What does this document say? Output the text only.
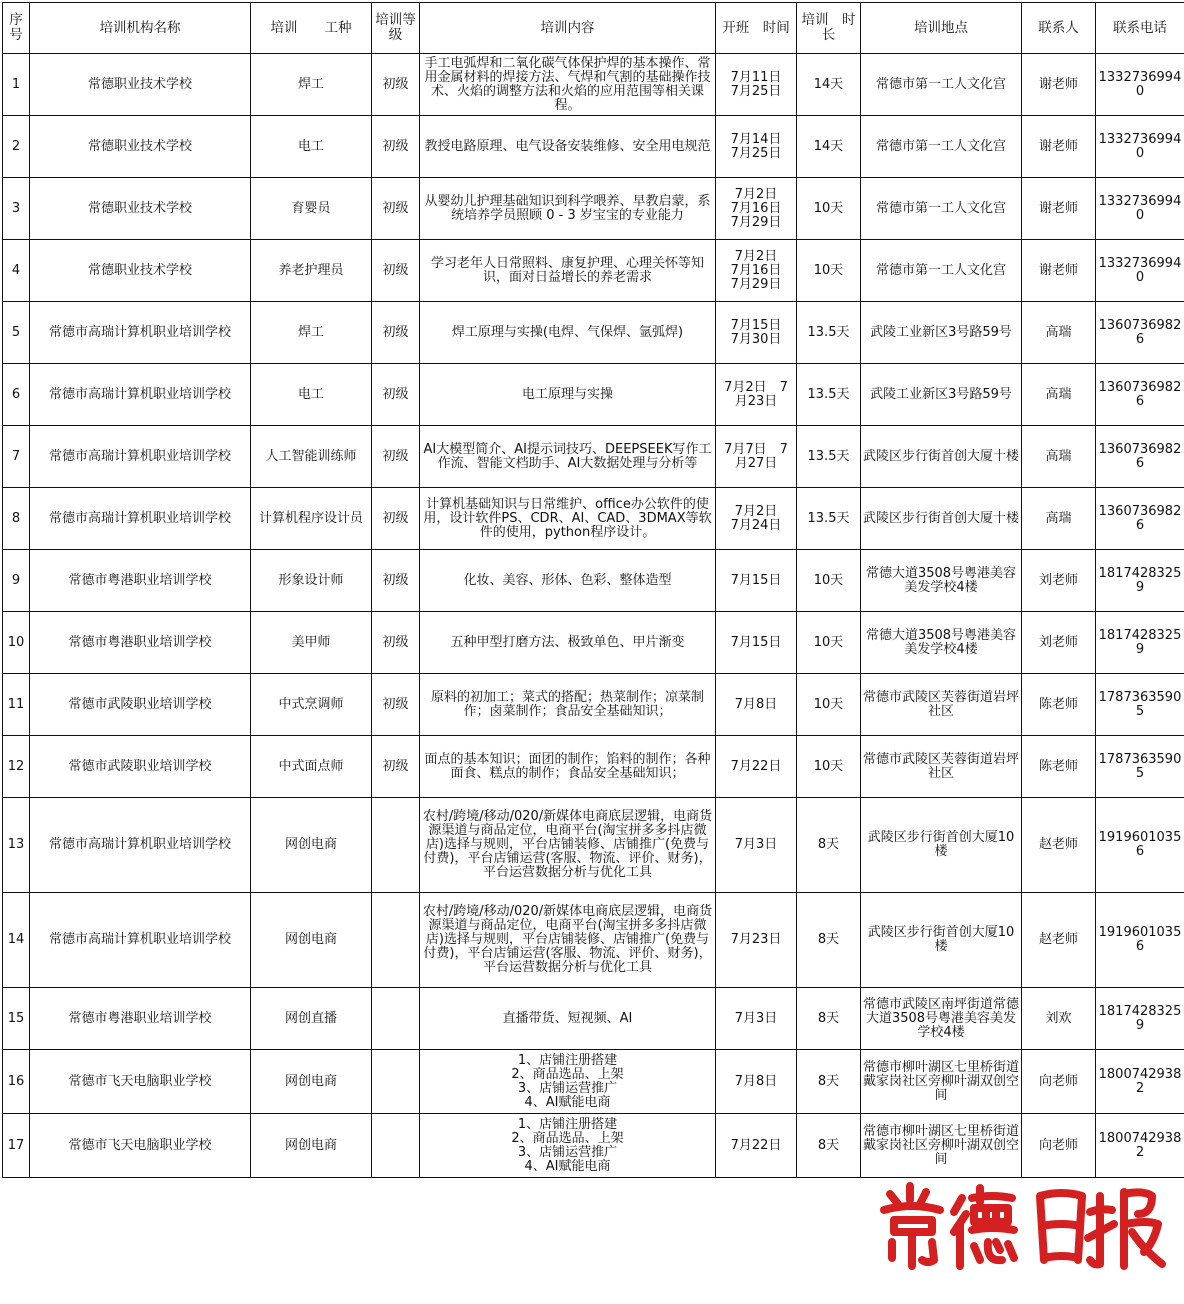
序号	培训机构名称	培训　　工种	培训等级	培训内容	开班　时间	培训　时长	培训地点	联系人	联系电话
1	常德职业技术学校	焊工	初级	手工电弧焊和二氧化碳气体保护焊的基本操作、常用金属材料的焊接方法、气焊和气割的基础操作技术、火焰的调整方法和火焰的应用范围等相关课程。	7月11日
7月25日	14天	常德市第一工人文化宫	谢老师	13327369940
2	常德职业技术学校	电工	初级	教授电路原理、电气设备安装维修、安全用电规范	7月14日
7月25日	14天	常德市第一工人文化宫	谢老师	13327369940
3	常德职业技术学校	育婴员	初级	从婴幼儿护理基础知识到科学喂养、早教启蒙，系统培养学员照顾 0 - 3 岁宝宝的专业能力	7月2日
7月16日
7月29日	10天	常德市第一工人文化宫	谢老师	13327369940
4	常德职业技术学校	养老护理员	初级	学习老年人日常照料、康复护理、心理关怀等知识，面对日益增长的养老需求	7月2日
7月16日
7月29日	10天	常德市第一工人文化宫	谢老师	13327369940
5	常德市高瑞计算机职业培训学校	焊工	初级	焊工原理与实操(电焊、气保焊、氩弧焊)	7月15日
7月30日	13.5天	武陵工业新区3号路59号	高瑞	13607369826
6	常德市高瑞计算机职业培训学校	电工	初级	电工原理与实操	7月2日　7月23日	13.5天	武陵工业新区3号路59号	高瑞	13607369826
7	常德市高瑞计算机职业培训学校	人工智能训练师	初级	AI大模型简介、AI提示词技巧、DEEPSEEK写作工作流、智能文档助手、AI大数据处理与分析等	7月7日　7月27日	13.5天	武陵区步行街首创大厦十楼	高瑞	13607369826
8	常德市高瑞计算机职业培训学校	计算机程序设计员	初级	计算机基础知识与日常维护、office办公软件的使用，设计软件PS、CDR、AI、CAD、3DMAX等软件的使用，python程序设计。	7月2日
7月24日	13.5天	武陵区步行街首创大厦十楼	高瑞	13607369826
9	常德市粤港职业培训学校	形象设计师	初级	化妆、美容、形体、色彩、整体造型	7月15日	10天	常德大道3508号粤港美容美发学校4楼	刘老师	18174283259
10	常德市粤港职业培训学校	美甲师	初级	五种甲型打磨方法、极致单色、甲片渐变	7月15日	10天	常德大道3508号粤港美容美发学校4楼	刘老师	18174283259
11	常德市武陵职业培训学校	中式烹调师	初级	原料的初加工；菜式的搭配；热菜制作；凉菜制作；卤菜制作；食品安全基础知识；	7月8日	10天	常德市武陵区芙蓉街道岩坪社区	陈老师	17873635905
12	常德市武陵职业培训学校	中式面点师	初级	面点的基本知识；面团的制作；馅料的制作；各种面食、糕点的制作；食品安全基础知识；	7月22日	10天	常德市武陵区芙蓉街道岩坪社区	陈老师	17873635905
13	常德市高瑞计算机职业培训学校	网创电商		农村/跨境/移动/020/新媒体电商底层逻辑，电商货源渠道与商品定位，电商平台(淘宝拼多多抖店微店)选择与规则，平台店铺装修、店铺推广(免费与付费)，平台店铺运营(客服、物流、评价、财务)，平台运营数据分析与优化工具	7月3日	8天	武陵区步行街首创大厦10楼	赵老师	19196010356
14	常德市高瑞计算机职业培训学校	网创电商		农村/跨境/移动/020/新媒体电商底层逻辑，电商货源渠道与商品定位，电商平台(淘宝拼多多抖店微店)选择与规则，平台店铺装修、店铺推广(免费与付费)，平台店铺运营(客服、物流、评价、财务)，平台运营数据分析与优化工具	7月23日	8天	武陵区步行街首创大厦10楼	赵老师	19196010356
15	常德市粤港职业培训学校	网创直播		直播带货、短视频、AI	7月3日	8天	常德市武陵区南坪街道常德大道3508号粤港美容美发学校4楼	刘欢	18174283259
16	常德市飞天电脑职业学校	网创电商		1、店铺注册搭建
2、商品选品、上架
3、店铺运营推广
4、AI赋能电商	7月8日	8天	常德市柳叶湖区七里桥街道戴家岗社区旁柳叶湖双创空间	向老师	18007429382
17	常德市飞天电脑职业学校	网创电商		1、店铺注册搭建
2、商品选品、上架
3、店铺运营推广
4、AI赋能电商	7月22日	8天	常德市柳叶湖区七里桥街道戴家岗社区旁柳叶湖双创空间	向老师	18007429382
